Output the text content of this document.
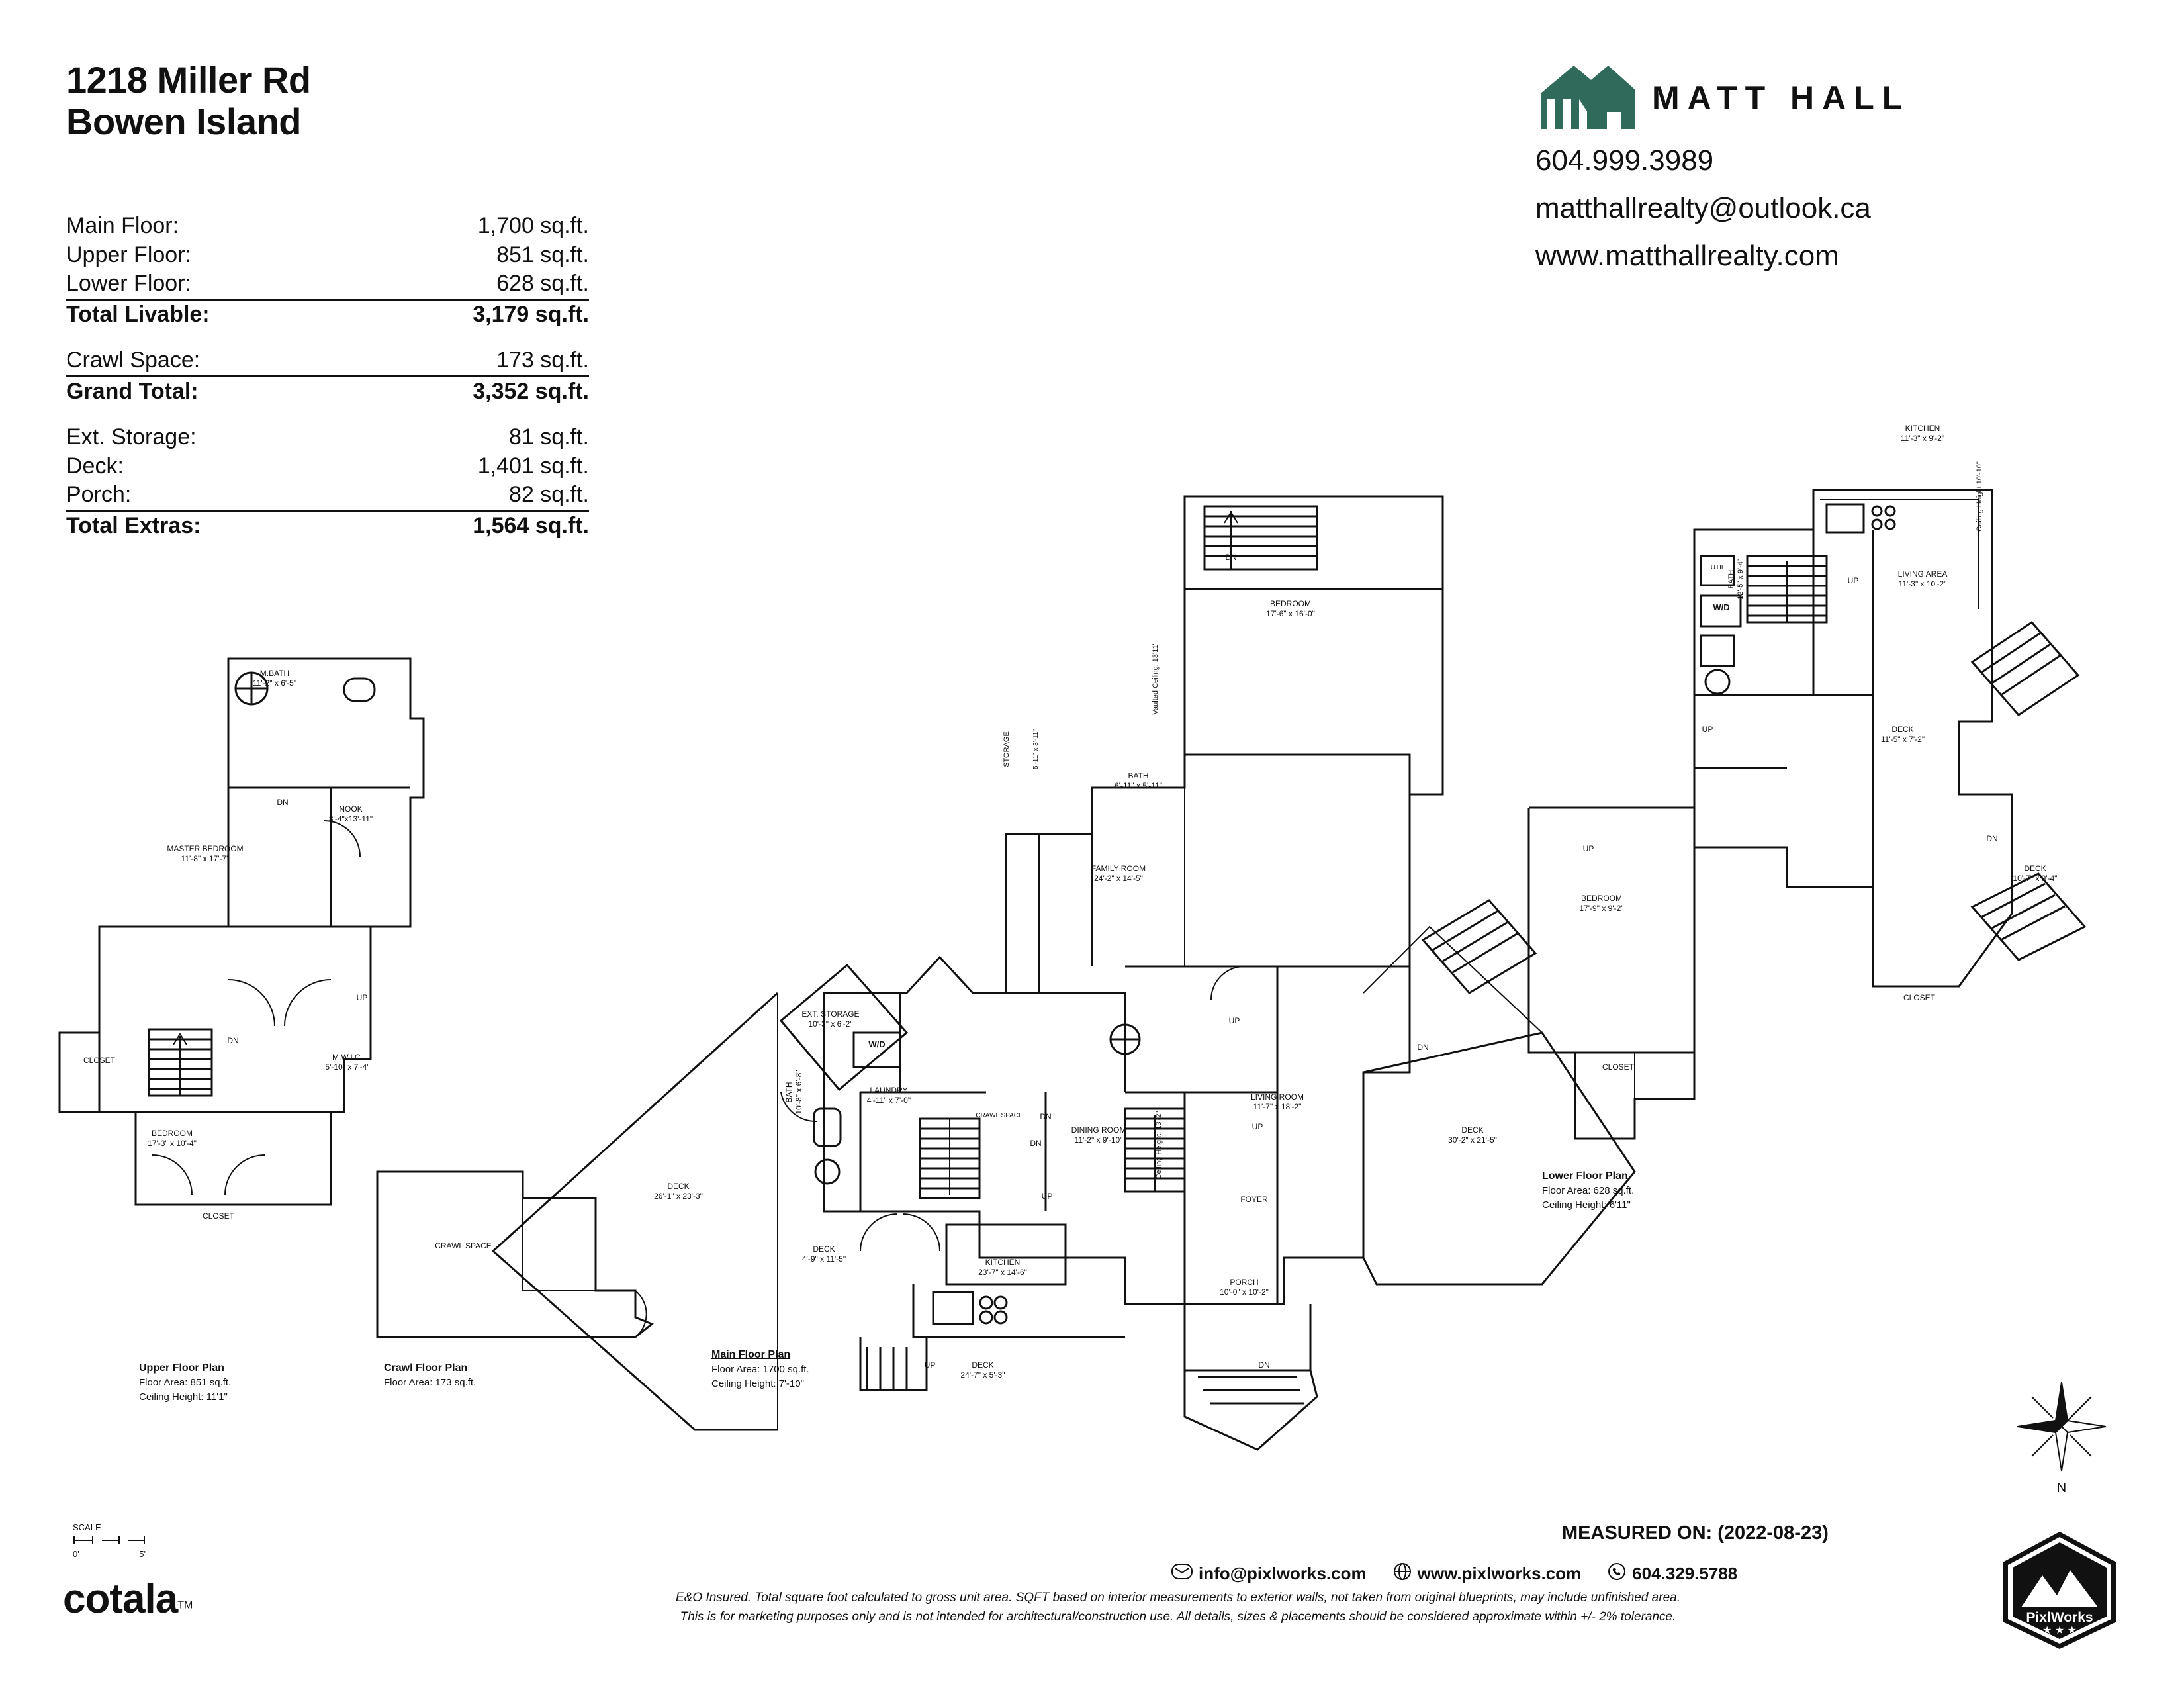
1218 Miller Rd
Bowen Island
Main Floor:	1,700 sq.ft.
Upper Floor:	851 sq.ft.
Lower Floor:	628 sq.ft.
Total Livable:	3,179 sq.ft.
Crawl Space:	173 sq.ft.
Grand Total:	3,352 sq.ft.
Ext. Storage:	81 sq.ft.
Deck:	1,401 sq.ft.
Porch:	82 sq.ft.
Total Extras:	1,564 sq.ft.
MATT HALL
604.999.3989
matthallrealty@outlook.ca
www.matthallrealty.com
M.BATH
11'-2" x 6'-5"
NOOK
8'-4"x13'-11"
MASTER BEDROOM
11'-8" x 17'-7"
CLOSET	M.W.I.C.
5'-10" x 7'-4"
BEDROOM
17'-3" x 10'-4"
CLOSET
DN
UP
DN
Upper Floor Plan
Floor Area: 851 sq.ft.
Ceiling Height: 11'1"
CRAWL SPACE
Crawl Floor Plan
Floor Area: 173 sq.ft.
EXT. STORAGE
10'-3" x 6'-2"
DECK
26'-1" x 23'-3"
LAUNDRY
4'-11" x 7'-0"
BATH 10'-8" x 6'-8"
CRAWL SPACE
DECK
4'-9" x 11'-5"	KITCHEN
23'-7" x 14'-6"
DECK
24'-7" x 5'-3"
DINING ROOM
11'-2" x 9'-10"
LIVING ROOM
11'-7" x 18'-2"
FOYER
PORCH
10'-0" x 10'-2"
DECK
30'-2" x 21'-5"
FAMILY ROOM
24'-2" x 14'-5"
STORAGE	5'-11" x 3'-11"
BATH
6'-11" x 5'-11"
BEDROOM
17'-6" x 16'-0"
W/D
Vaulted Ceiling: 13'11"
Ceiling Height: 13'-2"
DN
UP
DN
UP
DN
DN
UP
UP	DN
Main Floor Plan
Floor Area: 1700 sq.ft.
Ceiling Height: 7'-10"
KITCHEN
11'-3" x 9'-2"
LIVING AREA
11'-3" x 10'-2"
BATH 12'-5" x 9'-4"
DECK
11'-5" x 7'-2"
DECK
10'-7" x 9'-4"
BEDROOM
17'-9" x 9'-2"
CLOSET
CLOSET
W/D
UTIL.
Ceiling Height:10'-10"
UP
UP
UP
DN
Lower Floor Plan
Floor Area: 628 sq.ft.
Ceiling Height: 6'11"
N
SCALE
0'	5'
cotalaTM
E&O Insured. Total square foot calculated to gross unit area. SQFT based on interior measurements to exterior walls, not taken from original blueprints, may include unfinished area.
This is for marketing purposes only and is not intended for architectural/construction use. All details, sizes & placements should be considered approximate within +/- 2% tolerance.
MEASURED ON: (2022-08-23)
info@pixlworks.com	www.pixlworks.com	604.329.5788
PixlWorks
★ ★ ★
